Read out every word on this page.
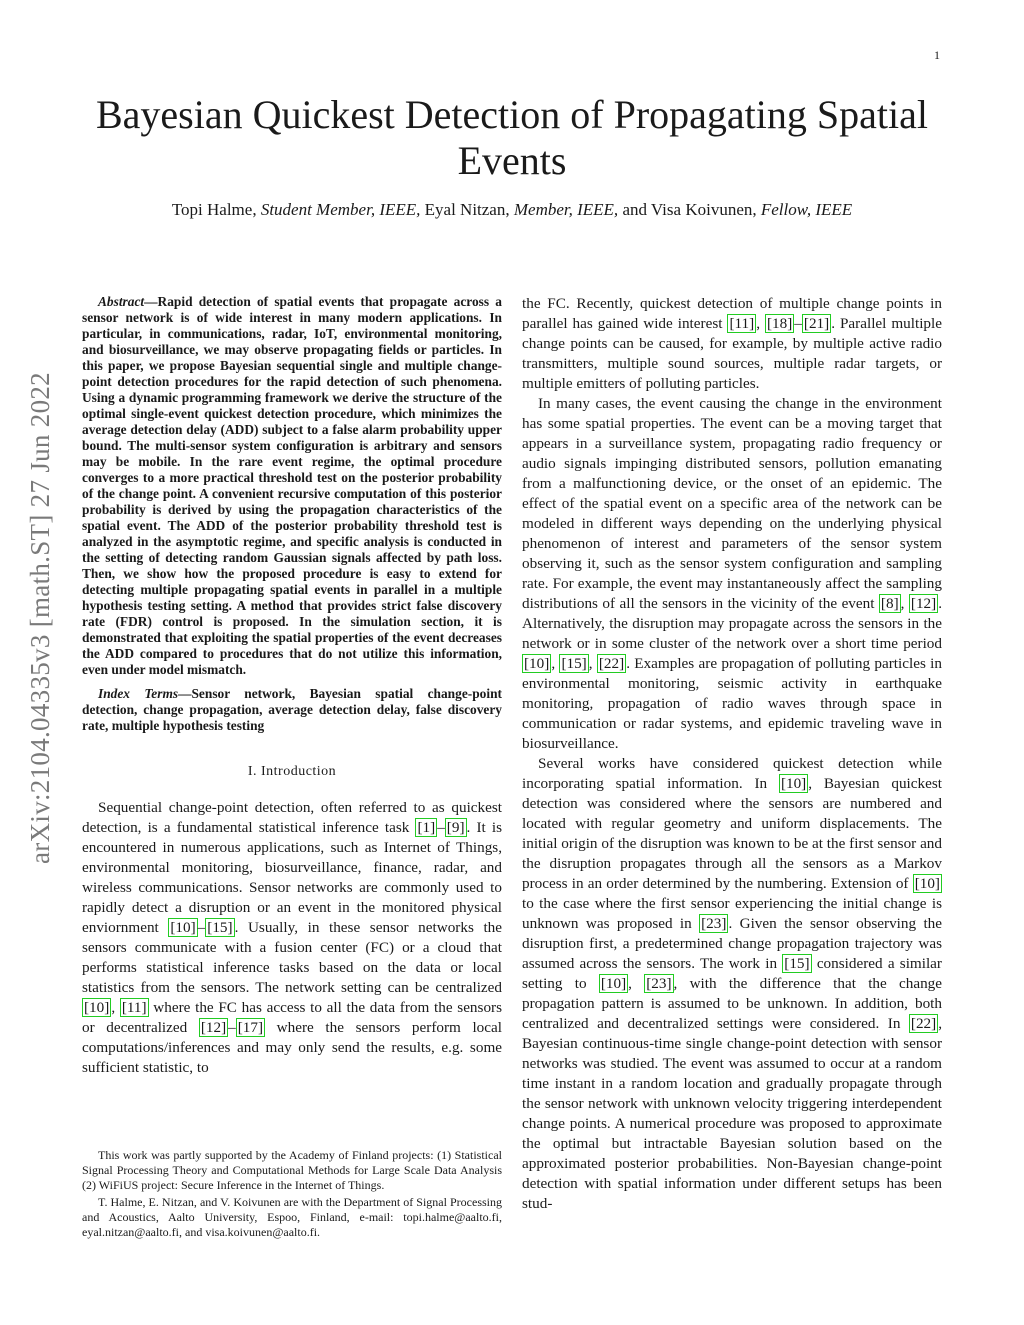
1
arXiv:2104.04335v3 [math.ST] 27 Jun 2022
Bayesian Quickest Detection of Propagating Spatial Events
Topi Halme, Student Member, IEEE, Eyal Nitzan, Member, IEEE, and Visa Koivunen, Fellow, IEEE

Abstract—Rapid detection of spatial events that propagate across a sensor network is of wide interest in many modern applications. In particular, in communications, radar, IoT, environmental monitoring, and biosurveillance, we may observe propagating fields or particles. In this paper, we propose Bayesian sequential single and multiple change-point detection procedures for the rapid detection of such phenomena. Using a dynamic programming framework we derive the structure of the optimal single-event quickest detection procedure, which minimizes the average detection delay (ADD) subject to a false alarm probability upper bound. The multi-sensor system configuration is arbitrary and sensors may be mobile. In the rare event regime, the optimal procedure converges to a more practical threshold test on the posterior probability of the change point. A convenient recursive computation of this posterior probability is derived by using the propagation characteristics of the spatial event. The ADD of the posterior probability threshold test is analyzed in the asymptotic regime, and specific analysis is conducted in the setting of detecting random Gaussian signals affected by path loss. Then, we show how the proposed procedure is easy to extend for detecting multiple propagating spatial events in parallel in a multiple hypothesis testing setting. A method that provides strict false discovery rate (FDR) control is proposed. In the simulation section, it is demonstrated that exploiting the spatial properties of the event decreases the ADD compared to procedures that do not utilize this information, even under model mismatch.

Index Terms—Sensor network, Bayesian spatial change-point detection, change propagation, average detection delay, false discovery rate, multiple hypothesis testing

I. Introduction

Sequential change-point detection, often referred to as quickest detection, is a fundamental statistical inference task [1] – [9] . It is encountered in numerous applications, such as Internet of Things, environmental monitoring, biosurveillance, finance, radar, and wireless communications. Sensor networks are commonly used to rapidly detect a disruption or an event in the monitored physical enviornment [10] – [15] . Usually, in these sensor networks the sensors communicate with a fusion center (FC) or a cloud that performs statistical inference tasks based on the data or local statistics from the sensors. The network setting can be centralized [10] , [11] where the FC has access to all the data from the sensors or decentralized [12] – [17] where the sensors perform local computations/inferences and may only send the results, e.g. some sufficient statistic, to

This work was partly supported by the Academy of Finland projects: (1) Statistical Signal Processing Theory and Computational Methods for Large Scale Data Analysis (2) WiFiUS project: Secure Inference in the Internet of Things.

T. Halme, E. Nitzan, and V. Koivunen are with the Department of Signal Processing and Acoustics, Aalto University, Espoo, Finland, e-mail: topi.halme@aalto.fi, eyal.nitzan@aalto.fi, and visa.koivunen@aalto.fi.

the FC. Recently, quickest detection of multiple change points in parallel has gained wide interest [11] , [18] – [21] . Parallel multiple change points can be caused, for example, by multiple active radio transmitters, multiple sound sources, multiple radar targets, or multiple emitters of polluting particles.

In many cases, the event causing the change in the environment has some spatial properties. The event can be a moving target that appears in a surveillance system, propagating radio frequency or audio signals impinging distributed sensors, pollution emanating from a malfunctioning device, or the onset of an epidemic. The effect of the spatial event on a specific area of the network can be modeled in different ways depending on the underlying physical phenomenon of interest and parameters of the sensor system observing it, such as the sensor system configuration and sampling rate. For example, the event may instantaneously affect the sampling distributions of all the sensors in the vicinity of the event [8] , [12] . Alternatively, the disruption may propagate across the sensors in the network or in some cluster of the network over a short time period [10] , [15] , [22] . Examples are propagation of polluting particles in environmental monitoring, seismic activity in earthquake monitoring, propagation of radio waves through space in communication or radar systems, and epidemic traveling wave in biosurveillance.

Several works have considered quickest detection while incorporating spatial information. In [10] , Bayesian quickest detection was considered where the sensors are numbered and located with regular geometry and uniform displacements. The initial origin of the disruption was known to be at the first sensor and the disruption propagates through all the sensors as a Markov process in an order determined by the numbering. Extension of [10] to the case where the first sensor experiencing the initial change is unknown was proposed in [23] . Given the sensor observing the disruption first, a predetermined change propagation trajectory was assumed across the sensors. The work in [15] considered a similar setting to [10] , [23] , with the difference that the change propagation pattern is assumed to be unknown. In addition, both centralized and decentralized settings were considered. In [22] , Bayesian continuous-time single change-point detection with sensor networks was studied. The event was assumed to occur at a random time instant in a random location and gradually propagate through the sensor network with unknown velocity triggering interdependent change points. A numerical procedure was proposed to approximate the optimal but intractable Bayesian solution based on the approximated posterior probabilities. Non-Bayesian change-point detection with spatial information under different setups has been stud-
